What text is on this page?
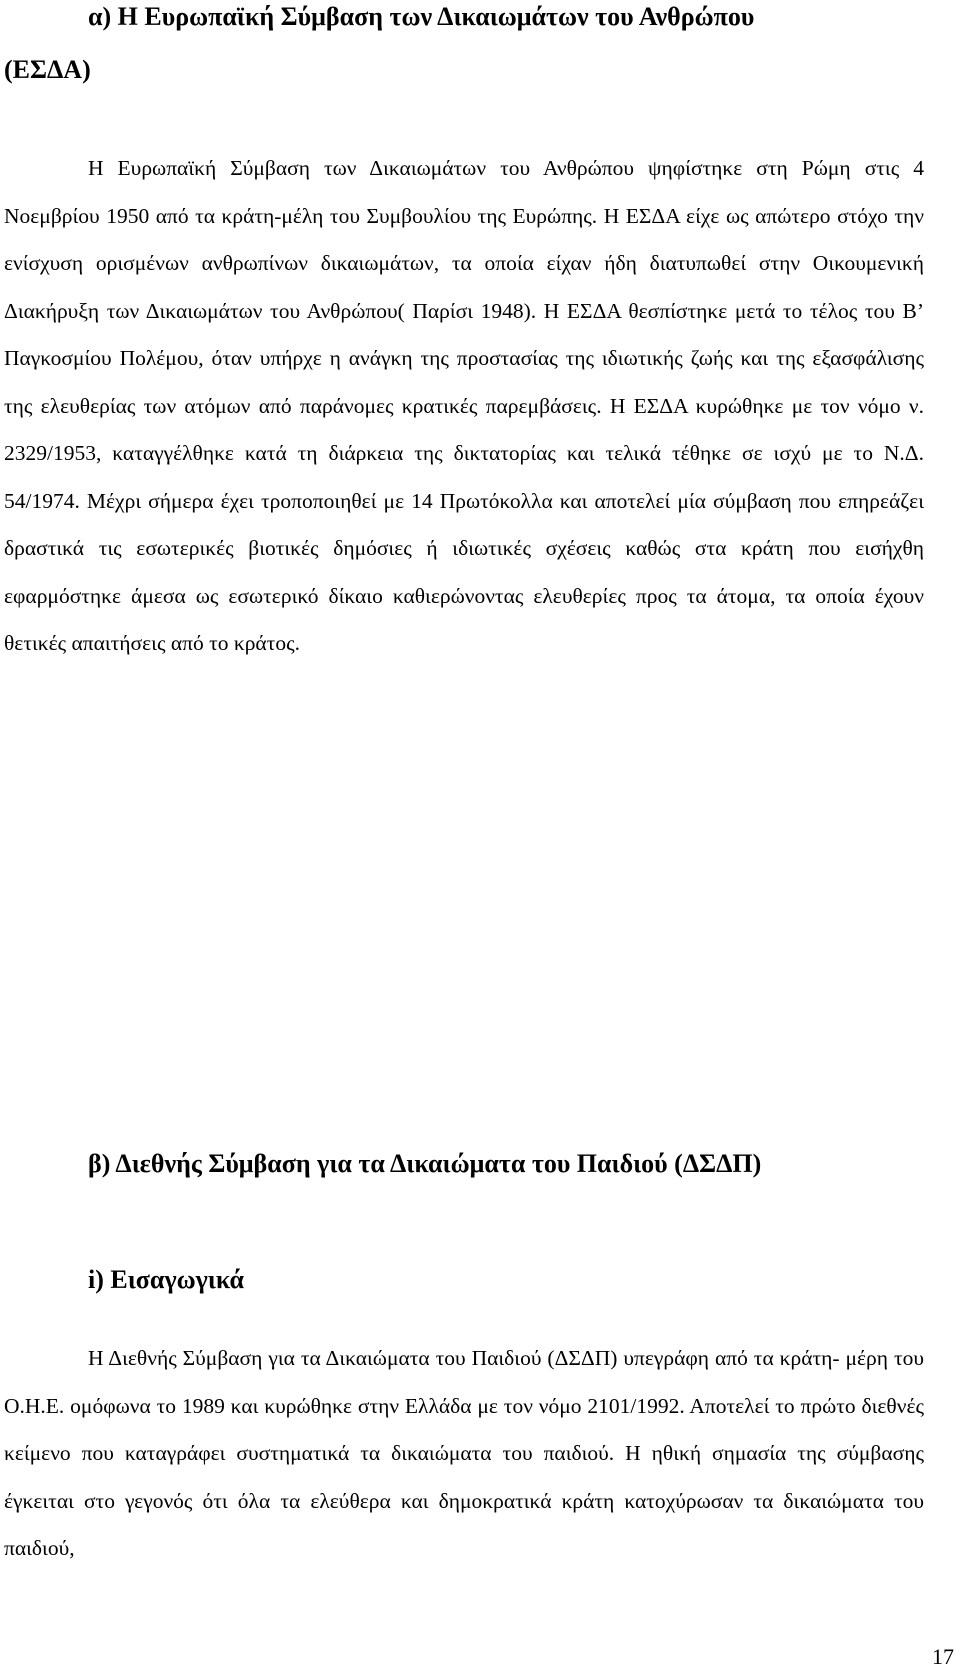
α) Η Ευρωπαϊκή Σύμβαση των Δικαιωμάτων του Ανθρώπου
(ΕΣΔΑ)

Η Ευρωπαϊκή Σύμβαση των Δικαιωμάτων του Ανθρώπου ψηφίστηκε στη Ρώμη στις 4 Νοεμβρίου 1950 από τα κράτη-μέλη του Συμβουλίου της Ευρώπης. Η ΕΣΔΑ είχε ως απώτερο στόχο την ενίσχυση ορισμένων ανθρωπίνων δικαιωμάτων, τα οποία είχαν ήδη διατυπωθεί στην Οικουμενική Διακήρυξη των Δικαιωμάτων του Ανθρώπου( Παρίσι 1948). Η ΕΣΔΑ θεσπίστηκε μετά το τέλος του Β’ Παγκοσμίου Πολέμου, όταν υπήρχε η ανάγκη της προστασίας της ιδιωτικής ζωής και της εξασφάλισης της ελευθερίας των ατόμων από παράνομες κρατικές παρεμβάσεις. Η ΕΣΔΑ κυρώθηκε με τον νόμο ν. 2329/1953, καταγγέλθηκε κατά τη διάρκεια της δικτατορίας και τελικά τέθηκε σε ισχύ με το Ν.Δ. 54/1974. Μέχρι σήμερα έχει τροποποιηθεί με 14 Πρωτόκολλα και αποτελεί μία σύμβαση που επηρεάζει δραστικά τις εσωτερικές βιοτικές δημόσιες ή ιδιωτικές σχέσεις καθώς στα κράτη που εισήχθη εφαρμόστηκε άμεσα ως εσωτερικό δίκαιο καθιερώνοντας ελευθερίες προς τα άτομα, τα οποία έχουν θετικές απαιτήσεις από το κράτος.

β) Διεθνής Σύμβαση για τα Δικαιώματα του Παιδιού (ΔΣΔΠ)
i) Εισαγωγικά

Η Διεθνής Σύμβαση για τα Δικαιώματα του Παιδιού (ΔΣΔΠ) υπεγράφη από τα κράτη- μέρη του Ο.Η.Ε. ομόφωνα το 1989 και κυρώθηκε στην Ελλάδα με τον νόμο 2101/1992. Αποτελεί το πρώτο διεθνές κείμενο που καταγράφει συστηματικά τα δικαιώματα του παιδιού. Η ηθική σημασία της σύμβασης έγκειται στο γεγονός ότι όλα τα ελεύθερα και δημοκρατικά κράτη κατοχύρωσαν τα δικαιώματα του παιδιού,

17
